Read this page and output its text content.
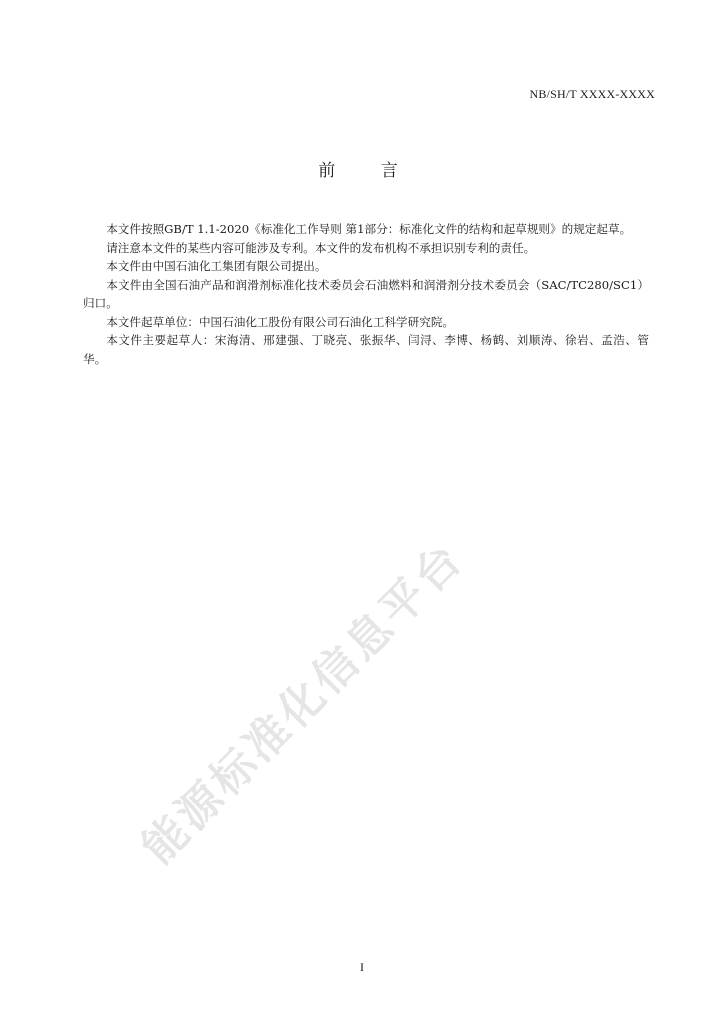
NB/SH/T XXXX-XXXX
前 言

本文件按照GB/T 1.1-2020《标准化工作导则 第1部分：标准化文件的结构和起草规则》的规定起草。

请注意本文件的某些内容可能涉及专利。本文件的发布机构不承担识别专利的责任。

本文件由中国石油化工集团有限公司提出。

本文件由全国石油产品和润滑剂标准化技术委员会石油燃料和润滑剂分技术委员会（SAC/TC280/SC1）归口。

本文件起草单位：中国石油化工股份有限公司石油化工科学研究院。

本文件主要起草人：宋海清、邢建强、丁晓亮、张振华、闫浔、李博、杨鹤、刘顺涛、徐岩、孟浩、管华。

能源标准化信息平台
I
